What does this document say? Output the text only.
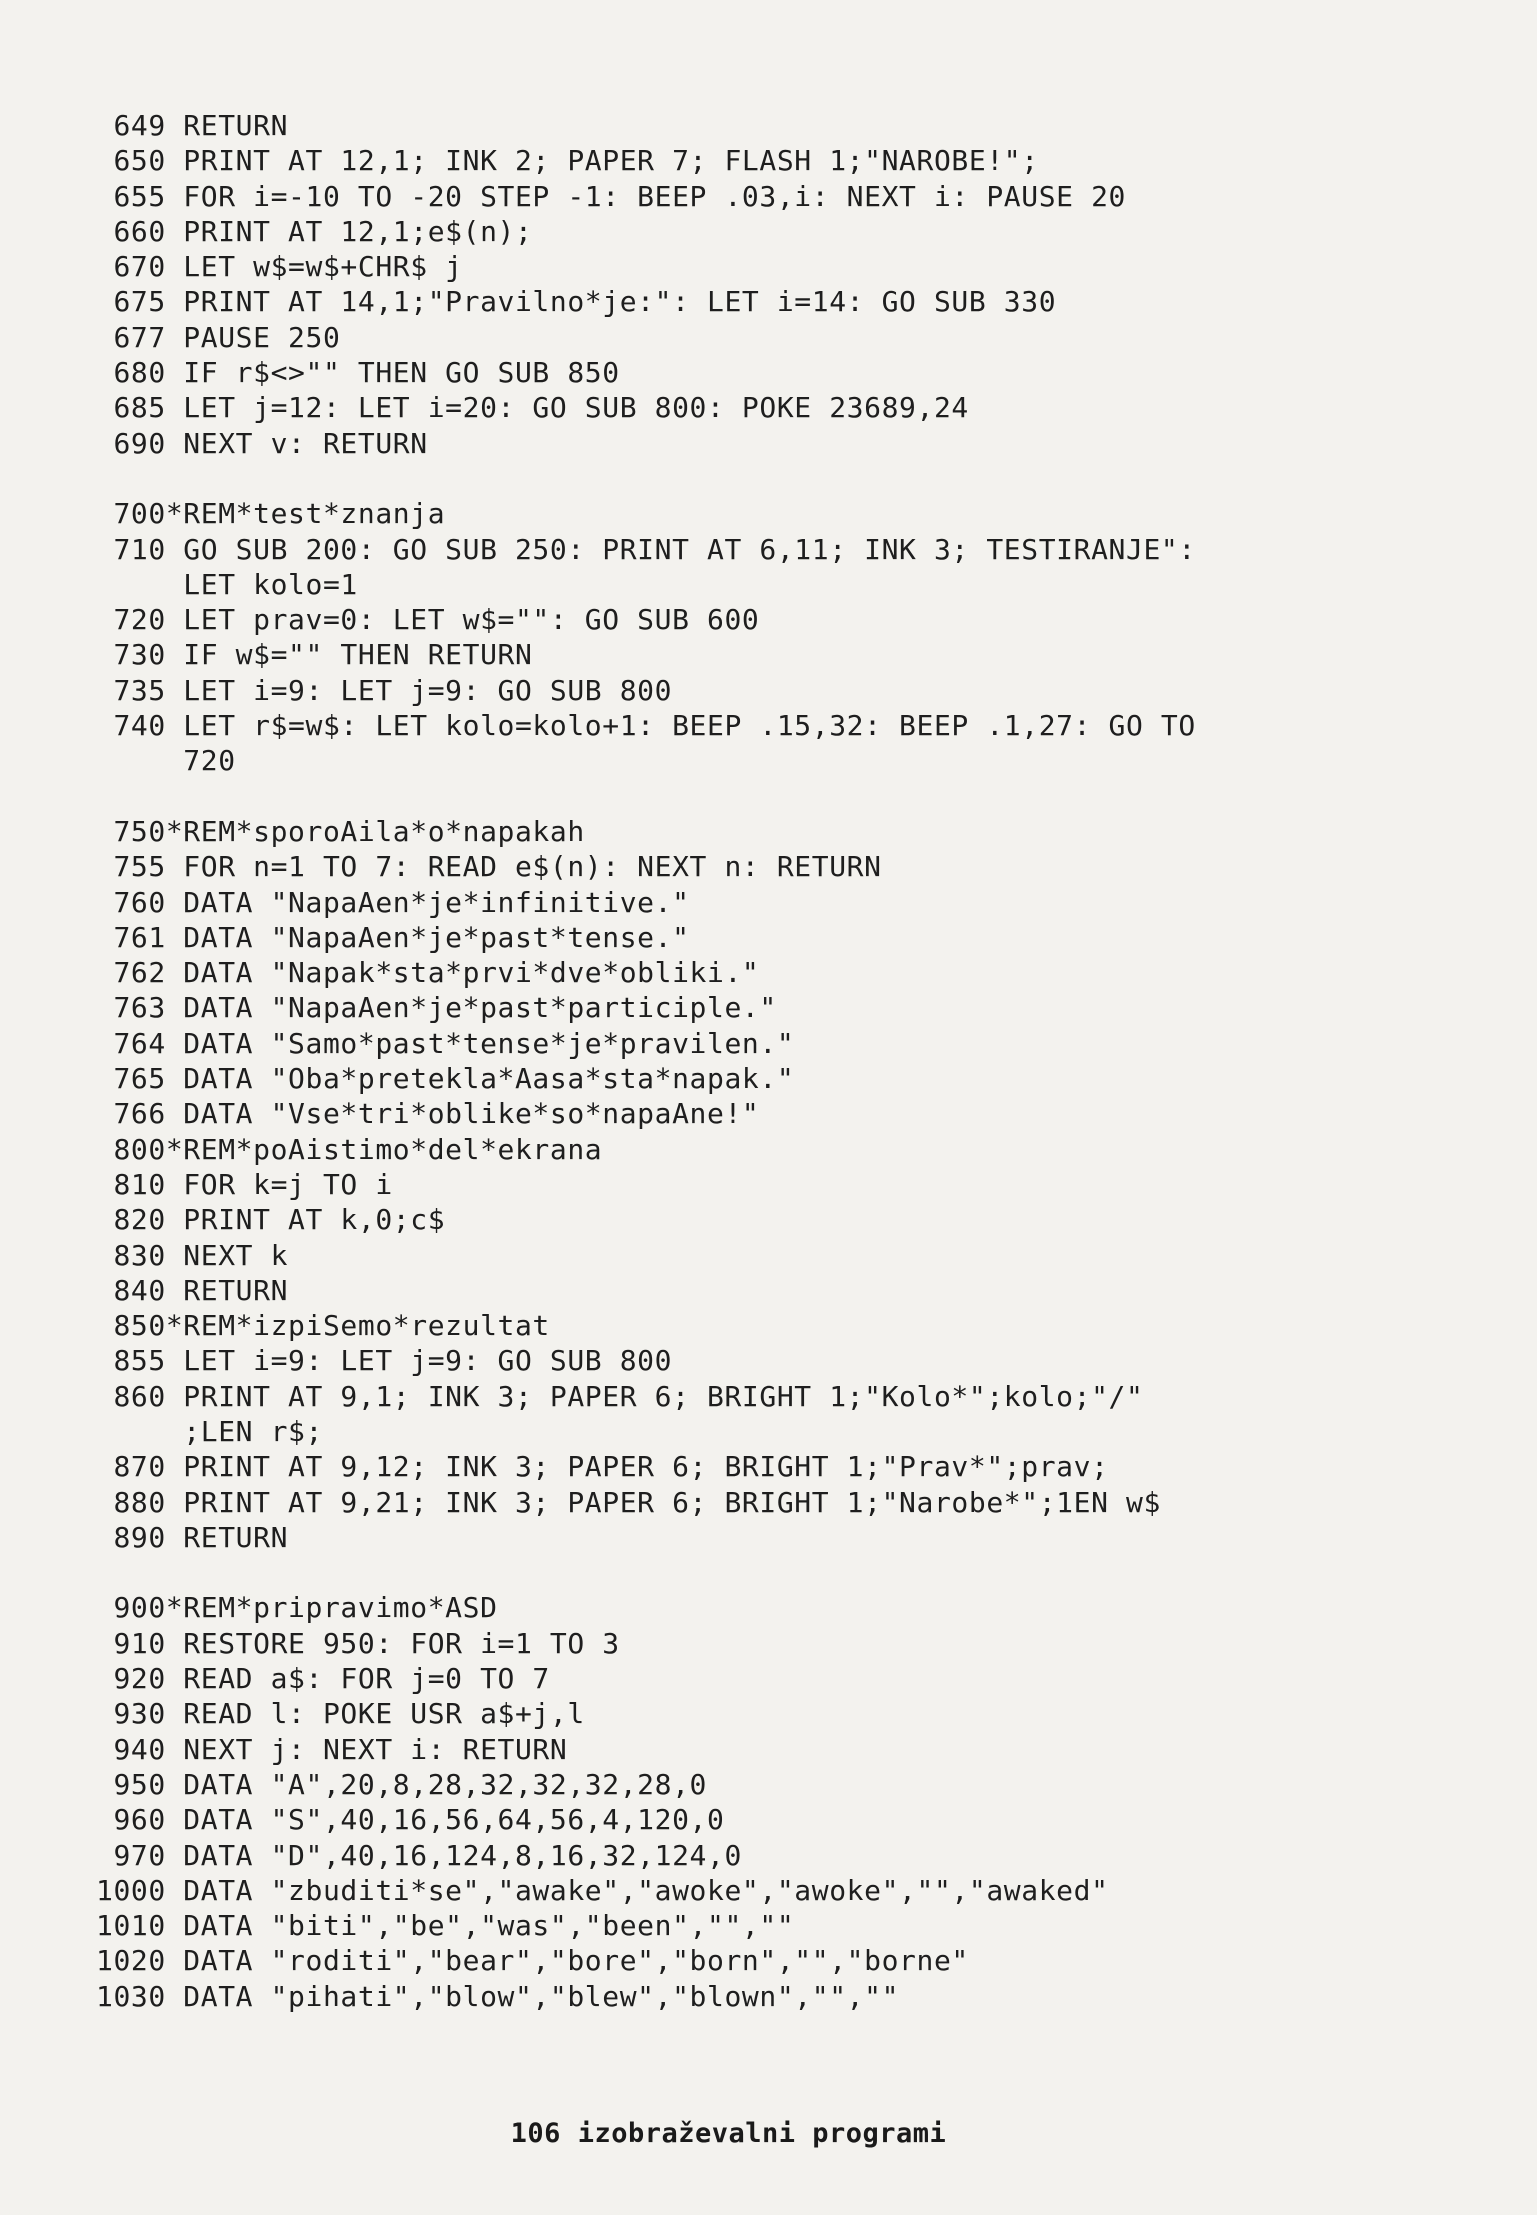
649 RETURN
650 PRINT AT 12,1; INK 2; PAPER 7; FLASH 1;"NAROBE!";
655 FOR i=-10 TO -20 STEP -1: BEEP .03,i: NEXT i: PAUSE 20
660 PRINT AT 12,1;e$(n);
670 LET w$=w$+CHR$ j
675 PRINT AT 14,1;"Pravilno*je:": LET i=14: GO SUB 330
677 PAUSE 250
680 IF r$<>"" THEN GO SUB 850
685 LET j=12: LET i=20: GO SUB 800: POKE 23689,24
690 NEXT v: RETURN
700*REM*test*znanja
710 GO SUB 200: GO SUB 250: PRINT AT 6,11; INK 3; TESTIRANJE":
LET kolo=1
720 LET prav=0: LET w$="": GO SUB 600
730 IF w$="" THEN RETURN
735 LET i=9: LET j=9: GO SUB 800
740 LET r$=w$: LET kolo=kolo+1: BEEP .15,32: BEEP .1,27: GO TO
720
750*REM*sporoAila*o*napakah
755 FOR n=1 TO 7: READ e$(n): NEXT n: RETURN
760 DATA "NapaAen*je*infinitive."
761 DATA "NapaAen*je*past*tense."
762 DATA "Napak*sta*prvi*dve*obliki."
763 DATA "NapaAen*je*past*participle."
764 DATA "Samo*past*tense*je*pravilen."
765 DATA "Oba*preteklа*Aasa*sta*napak."
766 DATA "Vse*tri*oblike*so*napaAne!"
800*REM*poAistimo*del*ekrana
810 FOR k=j TO i
820 PRINT AT k,0;c$
830 NEXT k
840 RETURN
850*REM*izpiSemo*rezultat
855 LET i=9: LET j=9: GO SUB 800
860 PRINT AT 9,1; INK 3; PAPER 6; BRIGHT 1;"Kolo*";kolo;"/"
;LEN r$;
870 PRINT AT 9,12; INK 3; PAPER 6; BRIGHT 1;"Prav*";prav;
880 PRINT AT 9,21; INK 3; PAPER 6; BRIGHT 1;"Narobe*";1EN w$
890 RETURN
900*REM*pripravimo*ASD
910 RESTORE 950: FOR i=1 TO 3
920 READ a$: FOR j=0 TO 7
930 READ l: POKE USR a$+j,l
940 NEXT j: NEXT i: RETURN
950 DATA "A",20,8,28,32,32,32,28,0
960 DATA "S",40,16,56,64,56,4,120,0
970 DATA "D",40,16,124,8,16,32,124,0
1000 DATA "zbuditi*se","awake","awoke","awoke","","awaked"
1010 DATA "biti","be","was","been","",""
1020 DATA "roditi","bear","bore","born","","borne"
1030 DATA "pihati","blow","blew","blown","",""
106 izobraževalni programi
